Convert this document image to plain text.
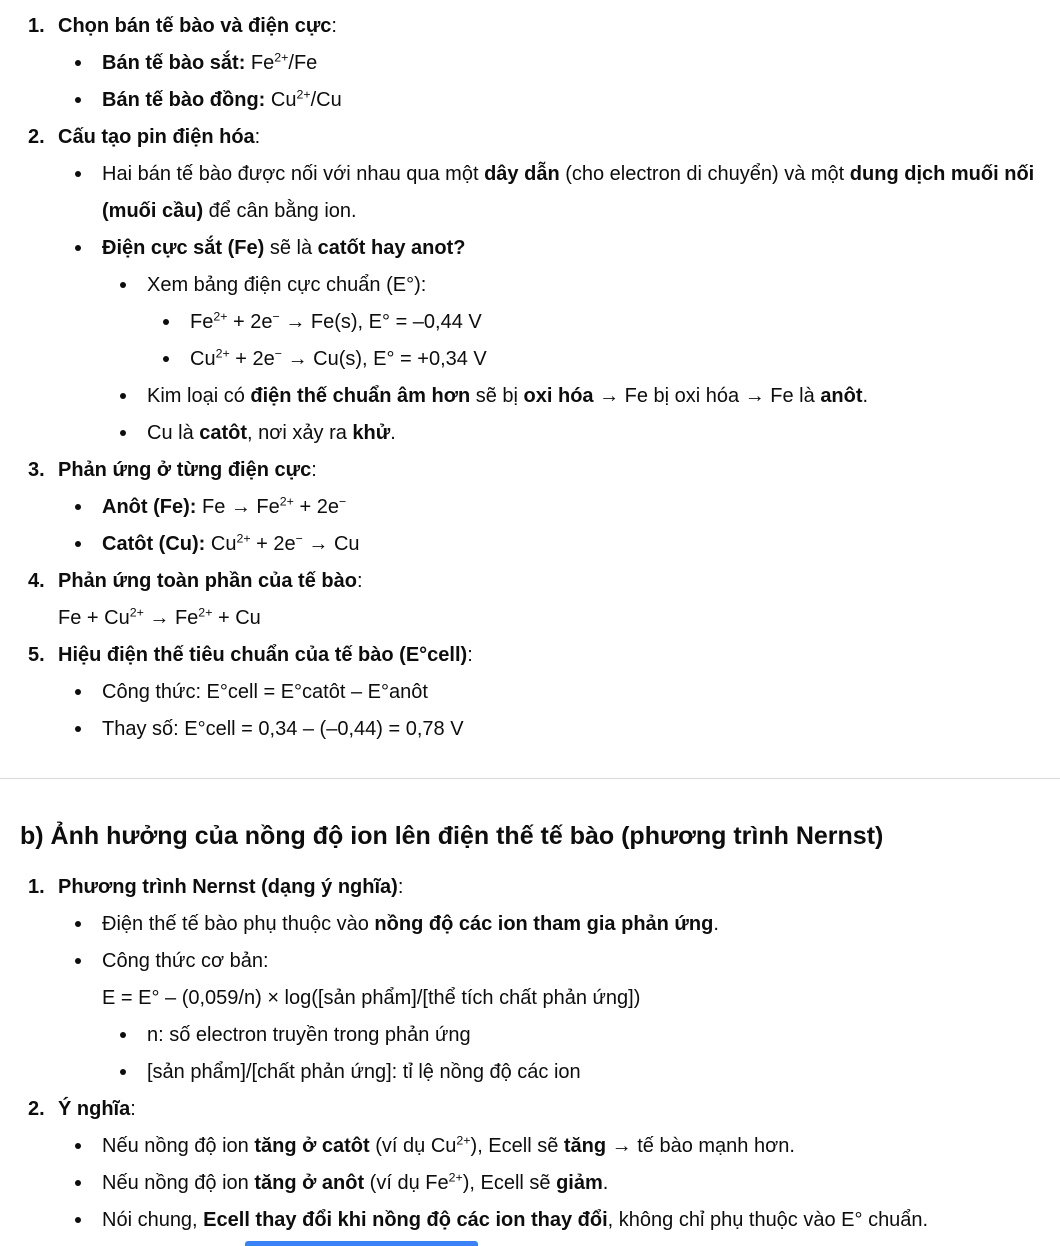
1. Chọn bán tế bào và điện cực:
Bán tế bào sắt: $Fe^{2+}/Fe$
Bán tế bào đồng: $Cu^{2+}/Cu$
2. Cấu tạo pin điện hóa:
Hai bán tế bào được nối với nhau qua một dây dẫn (cho electron di chuyển) và một dung dịch muối nối (muối cầu) để cân bằng ion.
Điện cực sắt (Fe) sẽ là catốt hay anot?
Xem bảng điện cực chuẩn (E°):
$Fe^{2+} + 2e^- \to Fe(s)$, E° = –0,44 V
$Cu^{2+} + 2e^- \to Cu(s)$, E° = +0,34 V
Kim loại có điện thế chuẩn âm hơn sẽ bị oxi hóa → Fe bị oxi hóa → Fe là anôt.
Cu là catôt, nơi xảy ra khử.
3. Phản ứng ở từng điện cực:
Anôt (Fe): $Fe \to Fe^{2+} + 2e^-$
Catôt (Cu): $Cu^{2+} + 2e^- \to Cu$
4. Phản ứng toàn phần của tế bào:
$Fe + Cu^{2+} \to Fe^{2+} + Cu$
5. Hiệu điện thế tiêu chuẩn của tế bào (E°cell):
Công thức: E°cell = E°catôt – E°anôt
Thay số: E°cell = 0,34 – (–0,44) = 0,78 V
b) Ảnh hưởng của nồng độ ion lên điện thế tế bào (phương trình Nernst)
1. Phương trình Nernst (dạng ý nghĩa):
Điện thế tế bào phụ thuộc vào nồng độ các ion tham gia phản ứng.
Công thức cơ bản:
E = E° – (0,059/n) × log([sản phẩm]/[thể tích chất phản ứng])
n: số electron truyền trong phản ứng
[sản phẩm]/[chất phản ứng]: tỉ lệ nồng độ các ion
2. Ý nghĩa:
Nếu nồng độ ion tăng ở catôt (ví dụ $Cu^{2+}$), Ecell sẽ tăng → tế bào mạnh hơn.
Nếu nồng độ ion tăng ở anôt (ví dụ $Fe^{2+}$), Ecell sẽ giảm.
Nói chung, Ecell thay đổi khi nồng độ các ion thay đổi, không chỉ phụ thuộc vào E° chuẩn.
